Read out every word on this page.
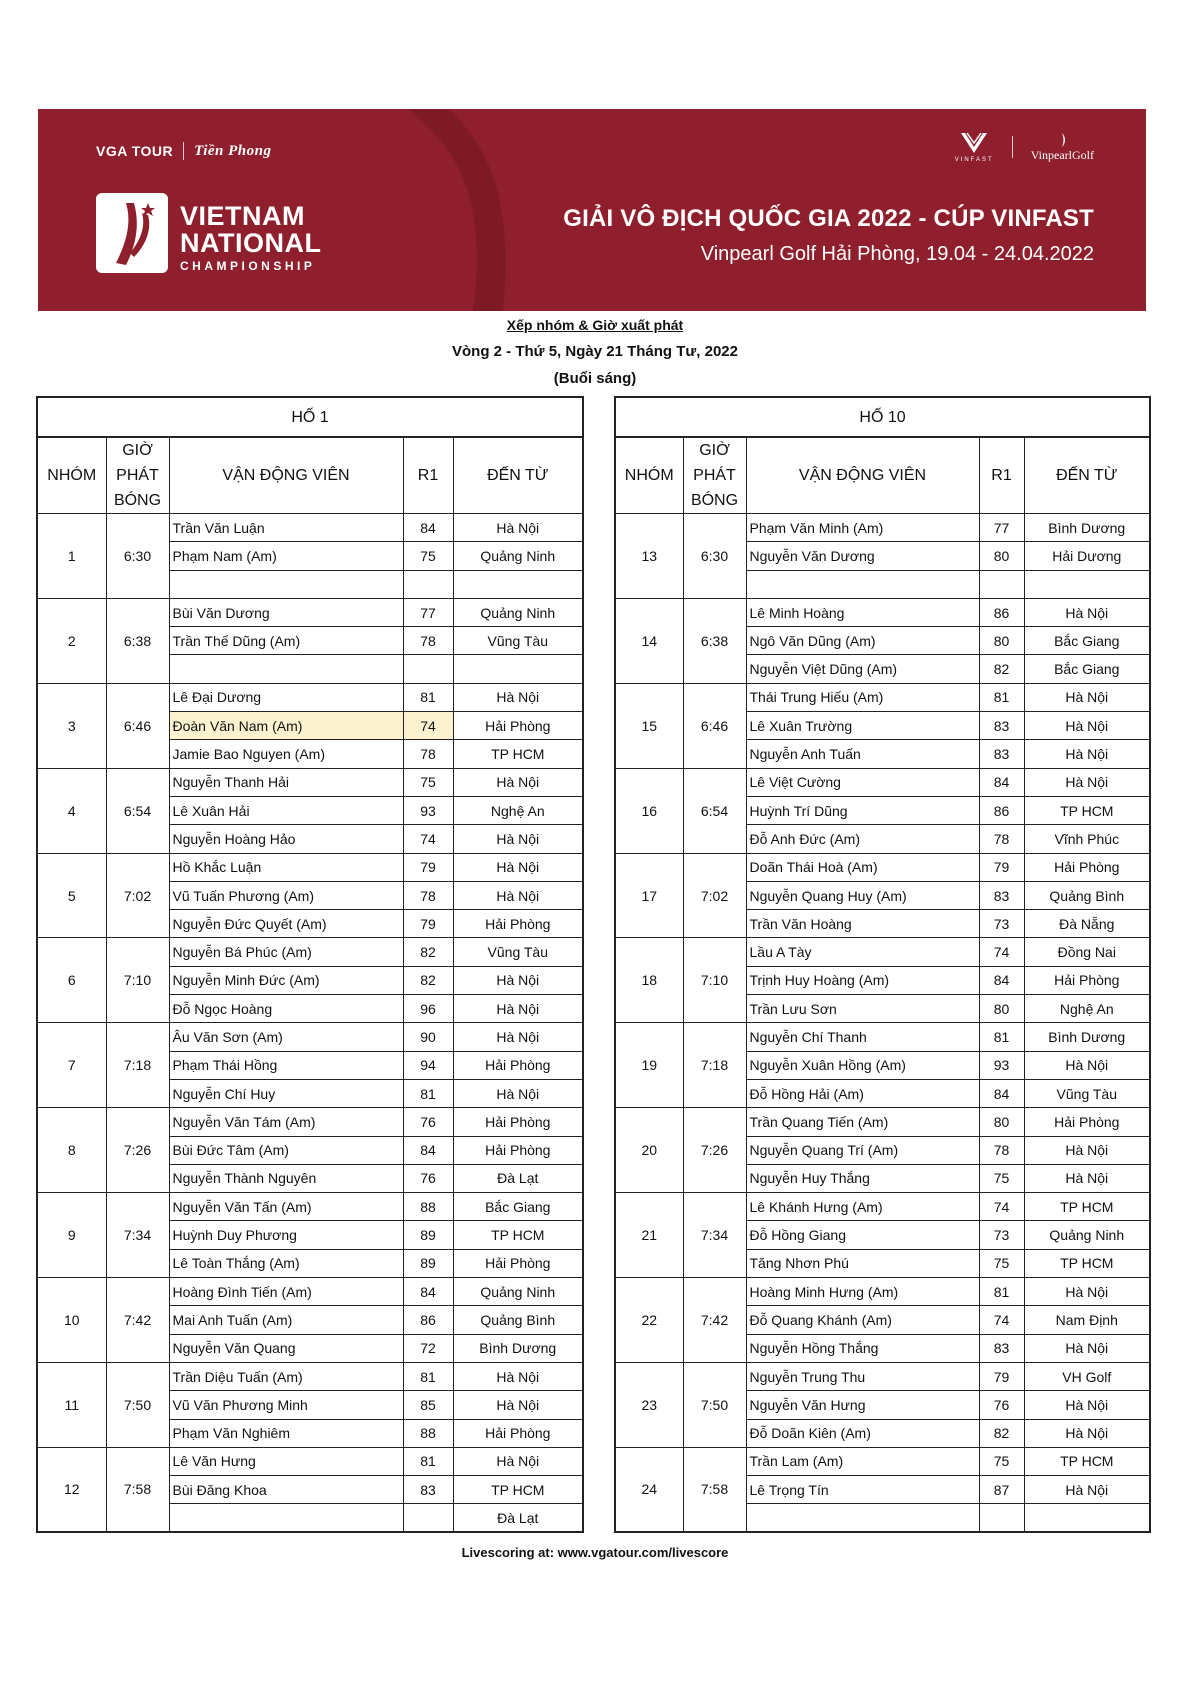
VGA TOUR Tiền Phong
VIETNAM
NATIONAL
CHAMPIONSHIP
VINFAST	VinpearlGolf
GIẢI VÔ ĐỊCH QUỐC GIA 2022 - CÚP VINFAST
Vinpearl Golf Hải Phòng, 19.04 - 24.04.2022
Xếp nhóm & Giờ xuất phát
Vòng 2 - Thứ 5, Ngày 21 Tháng Tư, 2022
(Buổi sáng)
HỐ 1				
NHÓM	GIỜ PHÁT BÓNG	VẬN ĐỘNG VIÊN	R1	ĐẾN TỪ
1	6:30	Trần Văn Luận	84	Hà Nội
		Phạm Nam (Am)	75	Quảng Ninh

2	6:38	Bùi Văn Dương	77	Quảng Ninh
		Trần Thế Dũng (Am)	78	Vũng Tàu

3	6:46	Lê Đại Dương	81	Hà Nội
		Đoàn Văn Nam (Am)	74	Hải Phòng
		Jamie Bao Nguyen (Am)	78	TP HCM
4	6:54	Nguyễn Thanh Hải	75	Hà Nội
		Lê Xuân Hải	93	Nghệ An
		Nguyễn Hoàng Hảo	74	Hà Nội
5	7:02	Hồ Khắc Luận	79	Hà Nội
		Vũ Tuấn Phương (Am)	78	Hà Nội
		Nguyễn Đức Quyết (Am)	79	Hải Phòng
6	7:10	Nguyễn Bá Phúc (Am)	82	Vũng Tàu
		Nguyễn Minh Đức (Am)	82	Hà Nội
		Đỗ Ngọc Hoàng	96	Hà Nội
7	7:18	Âu Văn Sơn (Am)	90	Hà Nội
		Phạm Thái Hồng	94	Hải Phòng
		Nguyễn Chí Huy	81	Hà Nội
8	7:26	Nguyễn Văn Tám (Am)	76	Hải Phòng
		Bùi Đức Tâm (Am)	84	Hải Phòng
		Nguyễn Thành Nguyên	76	Đà Lạt
9	7:34	Nguyễn Văn Tấn (Am)	88	Bắc Giang
		Huỳnh Duy Phương	89	TP HCM
		Lê Toàn Thắng (Am)	89	Hải Phòng
10	7:42	Hoàng Đình Tiến (Am)	84	Quảng Ninh
		Mai Anh Tuấn (Am)	86	Quảng Bình
		Nguyễn Văn Quang	72	Bình Dương
11	7:50	Trần Diệu Tuấn (Am)	81	Hà Nội
		Vũ Văn Phương Minh	85	Hà Nội
		Phạm Văn Nghiêm	88	Hải Phòng
12	7:58	Lê Văn Hưng	81	Hà Nội
		Bùi Đăng Khoa	83	TP HCM
				Đà Lạt
HỐ 10				
NHÓM	GIỜ PHÁT BÓNG	VẬN ĐỘNG VIÊN	R1	ĐẾN TỪ
13	6:30	Phạm Văn Minh (Am)	77	Bình Dương
		Nguyễn Văn Dương	80	Hải Dương

14	6:38	Lê Minh Hoàng	86	Hà Nội
		Ngô Văn Dũng (Am)	80	Bắc Giang
		Nguyễn Việt Dũng (Am)	82	Bắc Giang
15	6:46	Thái Trung Hiếu (Am)	81	Hà Nội
		Lê Xuân Trường	83	Hà Nội
		Nguyễn Anh Tuấn	83	Hà Nội
16	6:54	Lê Việt Cường	84	Hà Nội
		Huỳnh Trí Dũng	86	TP HCM
		Đỗ Anh Đức (Am)	78	Vĩnh Phúc
17	7:02	Doãn Thái Hoà (Am)	79	Hải Phòng
		Nguyễn Quang Huy (Am)	83	Quảng Bình
		Trần Văn Hoàng	73	Đà Nẵng
18	7:10	Lầu A Tày	74	Đồng Nai
		Trịnh Huy Hoàng (Am)	84	Hải Phòng
		Trần Lưu Sơn	80	Nghệ An
19	7:18	Nguyễn Chí Thanh	81	Bình Dương
		Nguyễn Xuân Hồng (Am)	93	Hà Nội
		Đỗ Hồng Hải (Am)	84	Vũng Tàu
20	7:26	Trần Quang Tiến (Am)	80	Hải Phòng
		Nguyễn Quang Trí (Am)	78	Hà Nội
		Nguyễn Huy Thắng	75	Hà Nội
21	7:34	Lê Khánh Hưng (Am)	74	TP HCM
		Đỗ Hồng Giang	73	Quảng Ninh
		Tăng Nhơn Phú	75	TP HCM
22	7:42	Hoàng Minh Hưng (Am)	81	Hà Nội
		Đỗ Quang Khánh (Am)	74	Nam Định
		Nguyễn Hồng Thắng	83	Hà Nội
23	7:50	Nguyễn Trung Thu	79	VH Golf
		Nguyễn Văn Hưng	76	Hà Nội
		Đỗ Doãn Kiên (Am)	82	Hà Nội
24	7:58	Trần Lam (Am)	75	TP HCM
		Lê Trọng Tín	87	Hà Nội

Livescoring at: www.vgatour.com/livescore
